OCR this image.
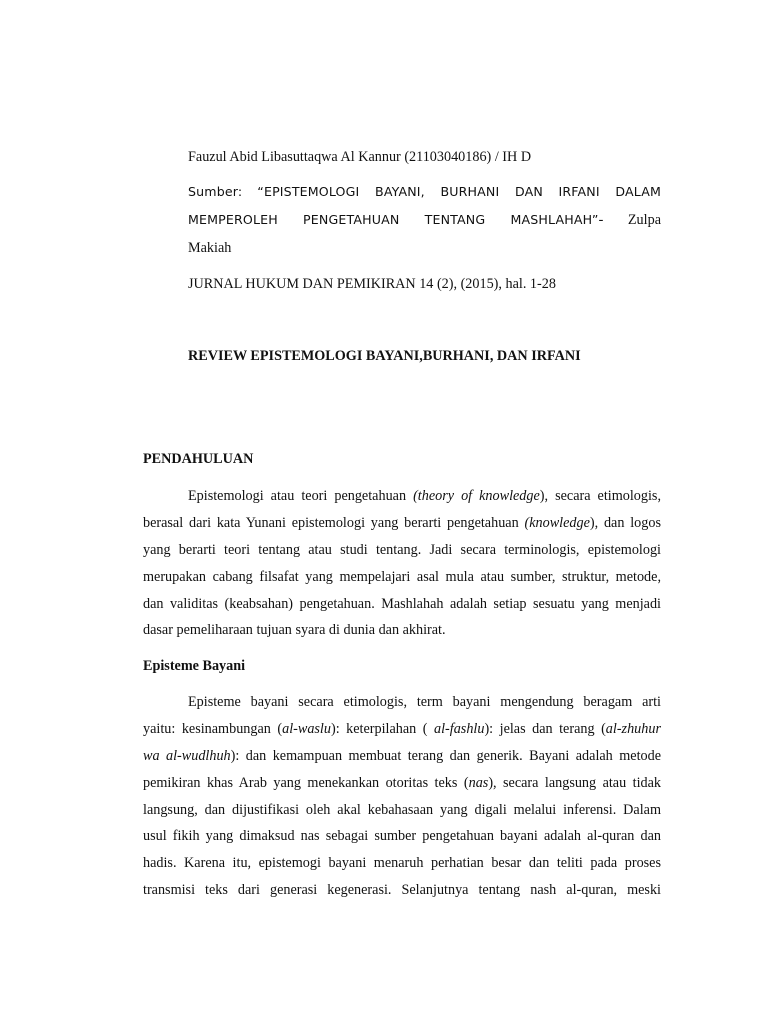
Fauzul Abid Libasuttaqwa Al Kannur (21103040186) / IH D
Sumber: “EPISTEMOLOGI BAYANI, BURHANI DAN IRFANI DALAM
MEMPEROLEH PENGETAHUAN TENTANG MASHLAHAH”- Zulpa
Makiah
JURNAL HUKUM DAN PEMIKIRAN 14 (2), (2015), hal. 1-28
REVIEW EPISTEMOLOGI BAYANI,BURHANI, DAN IRFANI
PENDAHULUAN
Epistemologi atau teori pengetahuan (theory of knowledge), secara etimologis,
berasal dari kata Yunani epistemologi yang berarti pengetahuan (knowledge), dan logos
yang berarti teori tentang atau studi tentang. Jadi secara terminologis, epistemologi
merupakan cabang filsafat yang mempelajari asal mula atau sumber, struktur, metode,
dan validitas (keabsahan) pengetahuan. Mashlahah adalah setiap sesuatu yang menjadi
dasar pemeliharaan tujuan syara di dunia dan akhirat.
Episteme Bayani
Episteme bayani secara etimologis, term bayani mengendung beragam arti
yaitu: kesinambungan (al-waslu): keterpilahan ( al-fashlu): jelas dan terang (al-zhuhur
wa al-wudlhuh): dan kemampuan membuat terang dan generik. Bayani adalah metode
pemikiran khas Arab yang menekankan otoritas teks (nas), secara langsung atau tidak
langsung, dan dijustifikasi oleh akal kebahasaan yang digali melalui inferensi. Dalam
usul fikih yang dimaksud nas sebagai sumber pengetahuan bayani adalah al-quran dan
hadis. Karena itu, epistemogi bayani menaruh perhatian besar dan teliti pada proses
transmisi teks dari generasi kegenerasi. Selanjutnya tentang nash al-quran, meski
